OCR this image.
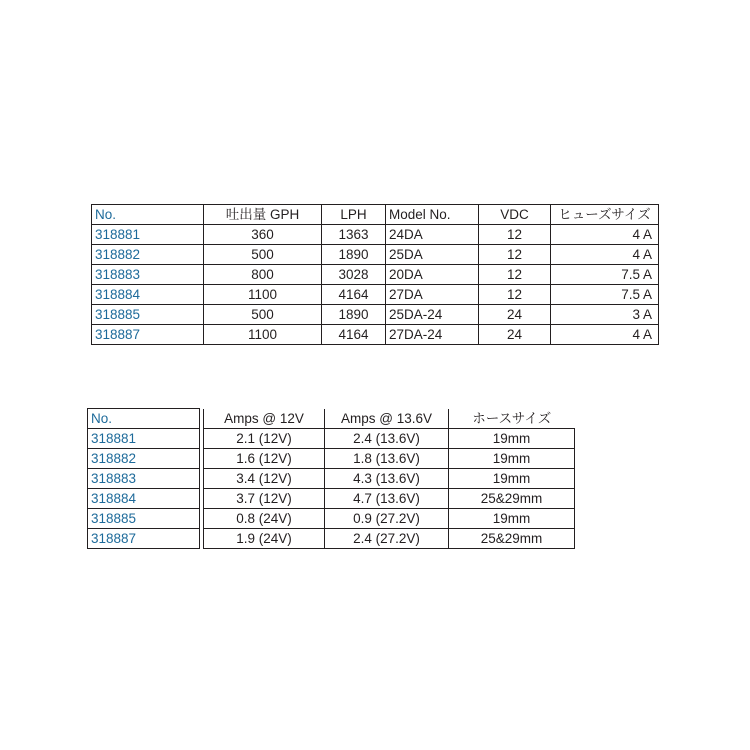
No.	吐出量 GPH	LPH	Model No.	VDC	ヒューズサイズ
318881	360	1363	24DA	12	4 A
318882	500	1890	25DA	12	4 A
318883	800	3028	20DA	12	7.5 A
318884	1100	4164	27DA	12	7.5 A
318885	500	1890	25DA-24	24	3 A
318887	1100	4164	27DA-24	24	4 A
No.		Amps @ 12V	Amps @ 13.6V	ホースサイズ
318881		2.1 (12V)	2.4 (13.6V)	19mm
318882		1.6 (12V)	1.8 (13.6V)	19mm
318883		3.4 (12V)	4.3 (13.6V)	19mm
318884		3.7 (12V)	4.7 (13.6V)	25&29mm
318885		0.8 (24V)	0.9 (27.2V)	19mm
318887		1.9 (24V)	2.4 (27.2V)	25&29mm
